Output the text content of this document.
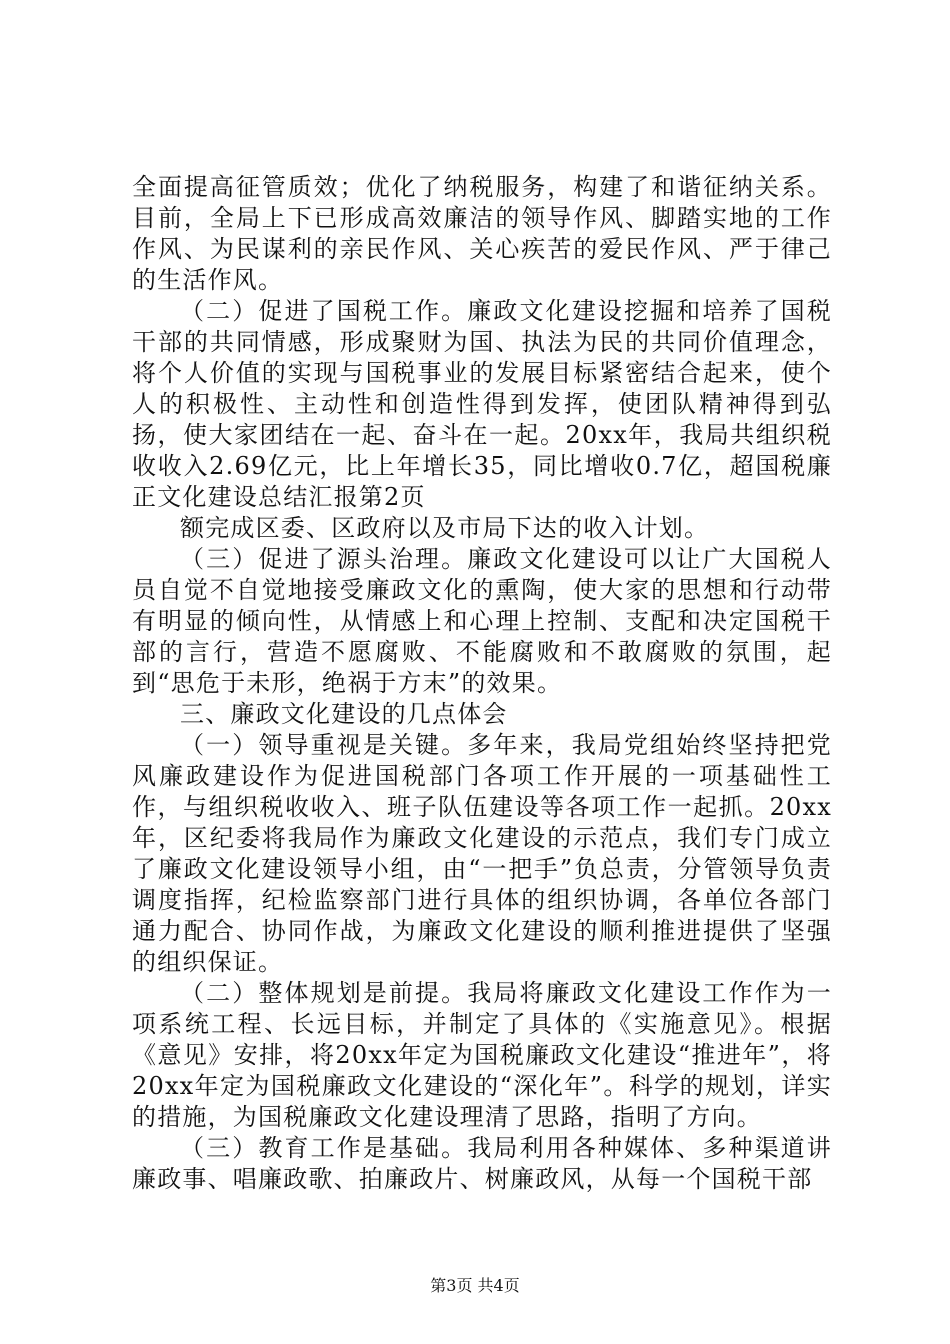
全面提高征管质效；优化了纳税服务，构建了和谐征纳关系。目前，全局上下已形成高效廉洁的领导作风、脚踏实地的工作作风、为民谋利的亲民作风、关心疾苦的爱民作风、严于律己的生活作风。

（二）促进了国税工作。廉政文化建设挖掘和培养了国税干部的共同情感，形成聚财为国、执法为民的共同价值理念，将个人价值的实现与国税事业的发展目标紧密结合起来，使个人的积极性、主动性和创造性得到发挥，使团队精神得到弘扬，使大家团结在一起、奋斗在一起。20xx年，我局共组织税收收入2.69亿元，比上年增长35，同比增收0.7亿，超国税廉正文化建设总结汇报第2页

额完成区委、区政府以及市局下达的收入计划。

（三）促进了源头治理。廉政文化建设可以让广大国税人员自觉不自觉地接受廉政文化的熏陶，使大家的思想和行动带有明显的倾向性，从情感上和心理上控制、支配和决定国税干部的言行，营造不愿腐败、不能腐败和不敢腐败的氛围，起到“思危于未形，绝祸于方末”的效果。

三、廉政文化建设的几点体会

（一）领导重视是关键。多年来，我局党组始终坚持把党风廉政建设作为促进国税部门各项工作开展的一项基础性工作，与组织税收收入、班子队伍建设等各项工作一起抓。20xx年，区纪委将我局作为廉政文化建设的示范点，我们专门成立了廉政文化建设领导小组，由“一把手”负总责，分管领导负责调度指挥，纪检监察部门进行具体的组织协调，各单位各部门通力配合、协同作战，为廉政文化建设的顺利推进提供了坚强的组织保证。

（二）整体规划是前提。我局将廉政文化建设工作作为一项系统工程、长远目标，并制定了具体的《实施意见》。根据《意见》安排，将20xx年定为国税廉政文化建设“推进年”，将20xx年定为国税廉政文化建设的“深化年”。科学的规划，详实的措施，为国税廉政文化建设理清了思路，指明了方向。

（三）教育工作是基础。我局利用各种媒体、多种渠道讲廉政事、唱廉政歌、拍廉政片、树廉政风，从每一个国税干部

第3页 共4页
